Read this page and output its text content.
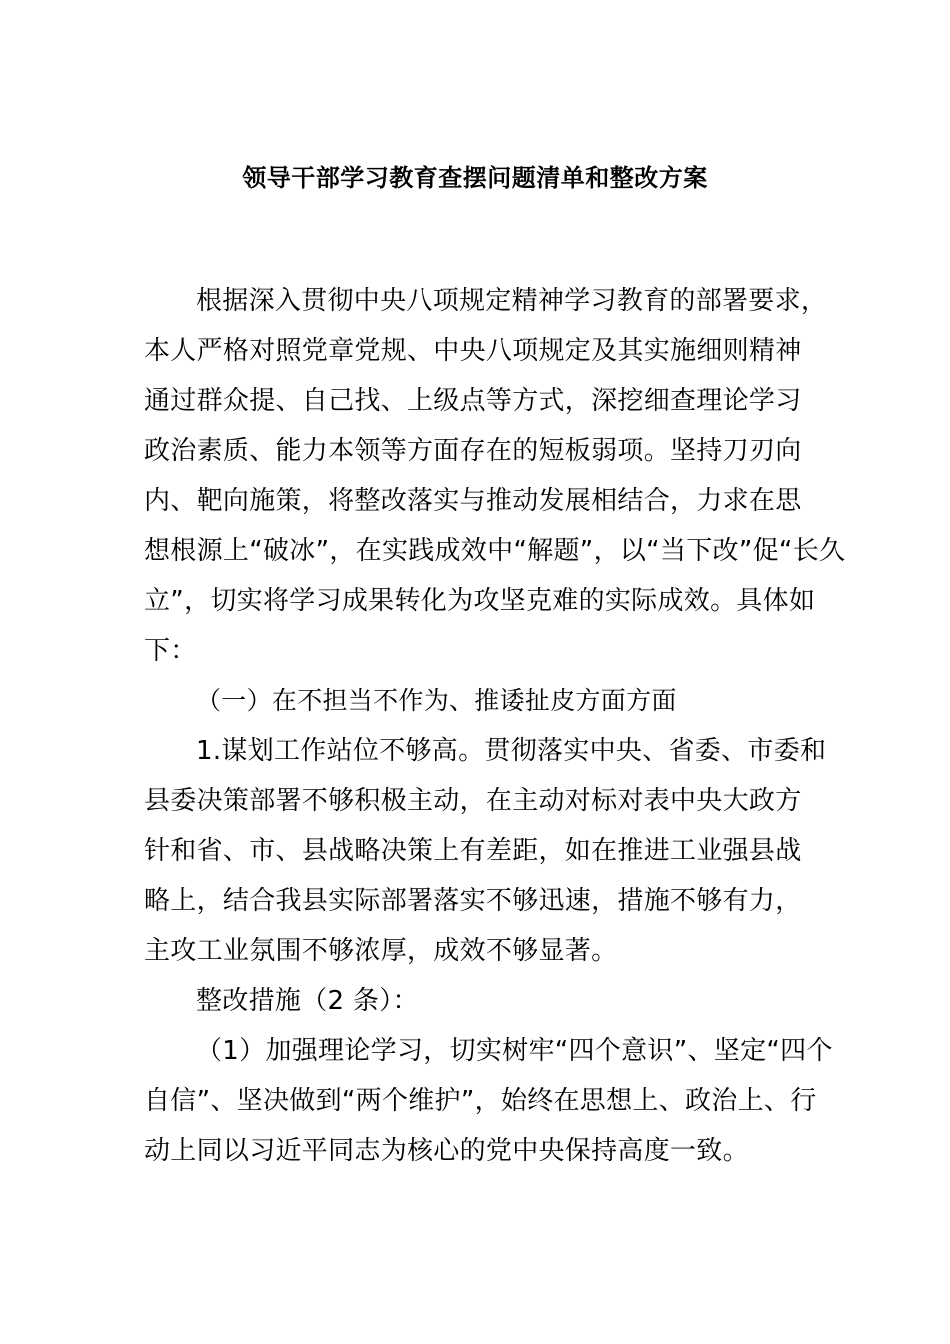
领导干部学习教育查摆问题清单和整改方案
根据深入贯彻中央八项规定精神学习教育的部署要求，
本人严格对照党章党规、中央八项规定及其实施细则精神
通过群众提、自己找、上级点等方式，深挖细查理论学习
政治素质、能力本领等方面存在的短板弱项。坚持刀刃向
内、靶向施策，将整改落实与推动发展相结合，力求在思
想根源上“破冰”，在实践成效中“解题”，以“当下改”促“长久
立”，切实将学习成果转化为攻坚克难的实际成效。具体如
下：
（一）在不担当不作为、推诿扯皮方面方面
1.谋划工作站位不够高。贯彻落实中央、省委、市委和
县委决策部署不够积极主动，在主动对标对表中央大政方
针和省、市、县战略决策上有差距，如在推进工业强县战
略上，结合我县实际部署落实不够迅速，措施不够有力，
主攻工业氛围不够浓厚，成效不够显著。
整改措施（2 条）：
（1）加强理论学习，切实树牢“四个意识”、坚定“四个
自信”、坚决做到“两个维护”，始终在思想上、政治上、行
动上同以习近平同志为核心的党中央保持高度一致。
